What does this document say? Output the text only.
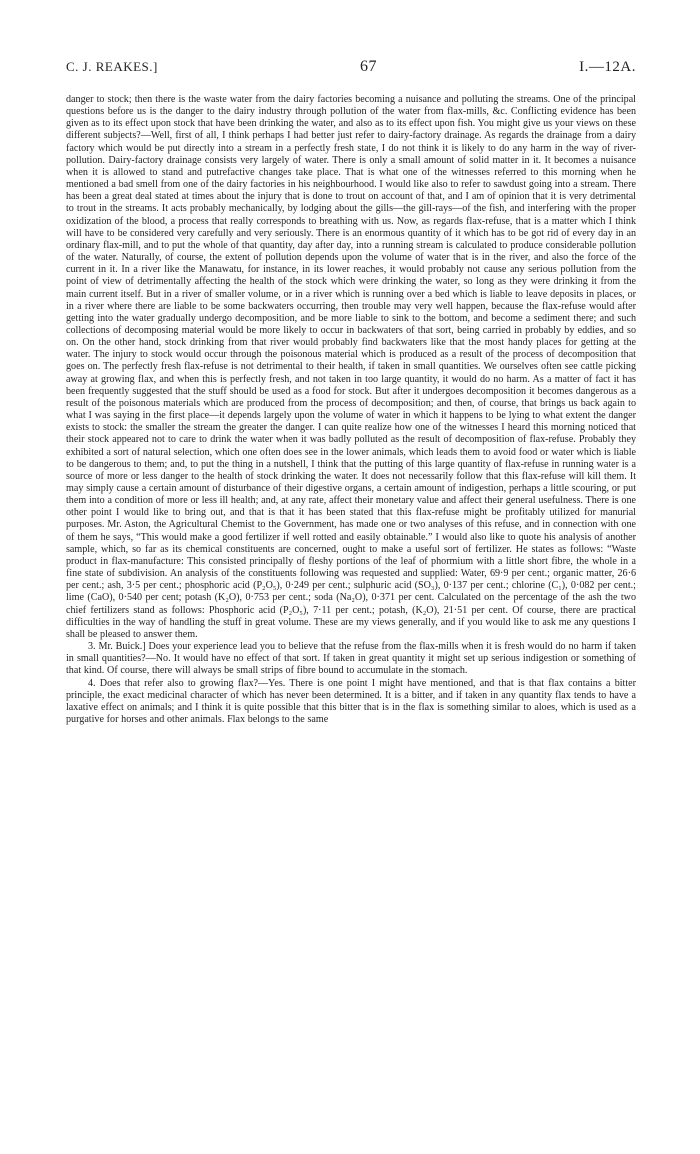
C. J. REAKES.]	67	I.—12A.

danger to stock; then there is the waste water from the dairy factories becoming a nuisance and polluting the streams. One of the principal questions before us is the danger to the dairy industry through pollution of the water from flax-mills, &c. Conflicting evidence has been given as to its effect upon stock that have been drinking the water, and also as to its effect upon fish. You might give us your views on these different subjects?—Well, first of all, I think perhaps I had better just refer to dairy-factory drainage. As regards the drainage from a dairy factory which would be put directly into a stream in a perfectly fresh state, I do not think it is likely to do any harm in the way of river-pollution. Dairy-factory drainage consists very largely of water. There is only a small amount of solid matter in it. It becomes a nuisance when it is allowed to stand and putrefactive changes take place. That is what one of the witnesses referred to this morning when he mentioned a bad smell from one of the dairy factories in his neighbourhood. I would like also to refer to sawdust going into a stream. There has been a great deal stated at times about the injury that is done to trout on account of that, and I am of opinion that it is very detrimental to trout in the streams. It acts probably mechanically, by lodging about the gills—the gill-rays—of the fish, and interfering with the proper oxidization of the blood, a process that really corresponds to breathing with us. Now, as regards flax-refuse, that is a matter which I think will have to be considered very carefully and very seriously. There is an enormous quantity of it which has to be got rid of every day in an ordinary flax-mill, and to put the whole of that quantity, day after day, into a running stream is calculated to produce considerable pollution of the water. Naturally, of course, the extent of pollution depends upon the volume of water that is in the river, and also the force of the current in it. In a river like the Manawatu, for instance, in its lower reaches, it would probably not cause any serious pollution from the point of view of detrimentally affecting the health of the stock which were drinking the water, so long as they were drinking it from the main current itself. But in a river of smaller volume, or in a river which is running over a bed which is liable to leave deposits in places, or in a river where there are liable to be some backwaters occurring, then trouble may very well happen, because the flax-refuse would after getting into the water gradually undergo decomposition, and be more liable to sink to the bottom, and become a sediment there; and such collections of decomposing material would be more likely to occur in backwaters of that sort, being carried in probably by eddies, and so on. On the other hand, stock drinking from that river would probably find backwaters like that the most handy places for getting at the water. The injury to stock would occur through the poisonous material which is produced as a result of the process of decomposition that goes on. The perfectly fresh flax-refuse is not detrimental to their health, if taken in small quantities. We ourselves often see cattle picking away at growing flax, and when this is perfectly fresh, and not taken in too large quantity, it would do no harm. As a matter of fact it has been frequently suggested that the stuff should be used as a food for stock. But after it undergoes decomposition it becomes dangerous as a result of the poisonous materials which are produced from the process of decomposition; and then, of course, that brings us back again to what I was saying in the first place—it depends largely upon the volume of water in which it happens to be lying to what extent the danger exists to stock: the smaller the stream the greater the danger. I can quite realize how one of the witnesses I heard this morning noticed that their stock appeared not to care to drink the water when it was badly polluted as the result of decomposition of flax-refuse. Probably they exhibited a sort of natural selection, which one often does see in the lower animals, which leads them to avoid food or water which is liable to be dangerous to them; and, to put the thing in a nutshell, I think that the putting of this large quantity of flax-refuse in running water is a source of more or less danger to the health of stock drinking the water. It does not necessarily follow that this flax-refuse will kill them. It may simply cause a certain amount of disturbance of their digestive organs, a certain amount of indigestion, perhaps a little scouring, or put them into a condition of more or less ill health; and, at any rate, affect their monetary value and affect their general usefulness. There is one other point I would like to bring out, and that is that it has been stated that this flax-refuse might be profitably utilized for manurial purposes. Mr. Aston, the Agricultural Chemist to the Government, has made one or two analyses of this refuse, and in connection with one of them he says, “This would make a good fertilizer if well rotted and easily obtainable.” I would also like to quote his analysis of another sample, which, so far as its chemical constituents are concerned, ought to make a useful sort of fertilizer. He states as follows: “Waste product in flax-manufacture: This consisted principally of fleshy portions of the leaf of phormium with a little short fibre, the whole in a fine state of subdivision. An analysis of the constituents following was requested and supplied: Water, 69·9 per cent.; organic matter, 26·6 per cent.; ash, 3·5 per cent.; phosphoric acid (P₂O₅), 0·249 per cent.; sulphuric acid (SO₃), 0·137 per cent.; chlorine (C₁), 0·082 per cent.; lime (CaO), 0·540 per cent; potash (K₂O), 0·753 per cent.; soda (Na₂O), 0·371 per cent. Calculated on the percentage of the ash the two chief fertilizers stand as follows: Phosphoric acid (P₂O₅), 7·11 per cent.; potash, (K₂O), 21·51 per cent. Of course, there are practical difficulties in the way of handling the stuff in great volume. These are my views generally, and if you would like to ask me any questions I shall be pleased to answer them.

3. Mr. Buick.] Does your experience lead you to believe that the refuse from the flax-mills when it is fresh would do no harm if taken in small quantities?—No. It would have no effect of that sort. If taken in great quantity it might set up serious indigestion or something of that kind. Of course, there will always be small strips of fibre bound to accumulate in the stomach.

4. Does that refer also to growing flax?—Yes. There is one point I might have mentioned, and that is that flax contains a bitter principle, the exact medicinal character of which has never been determined. It is a bitter, and if taken in any quantity flax tends to have a laxative effect on animals; and I think it is quite possible that this bitter that is in the flax is something similar to aloes, which is used as a purgative for horses and other animals. Flax belongs to the same
